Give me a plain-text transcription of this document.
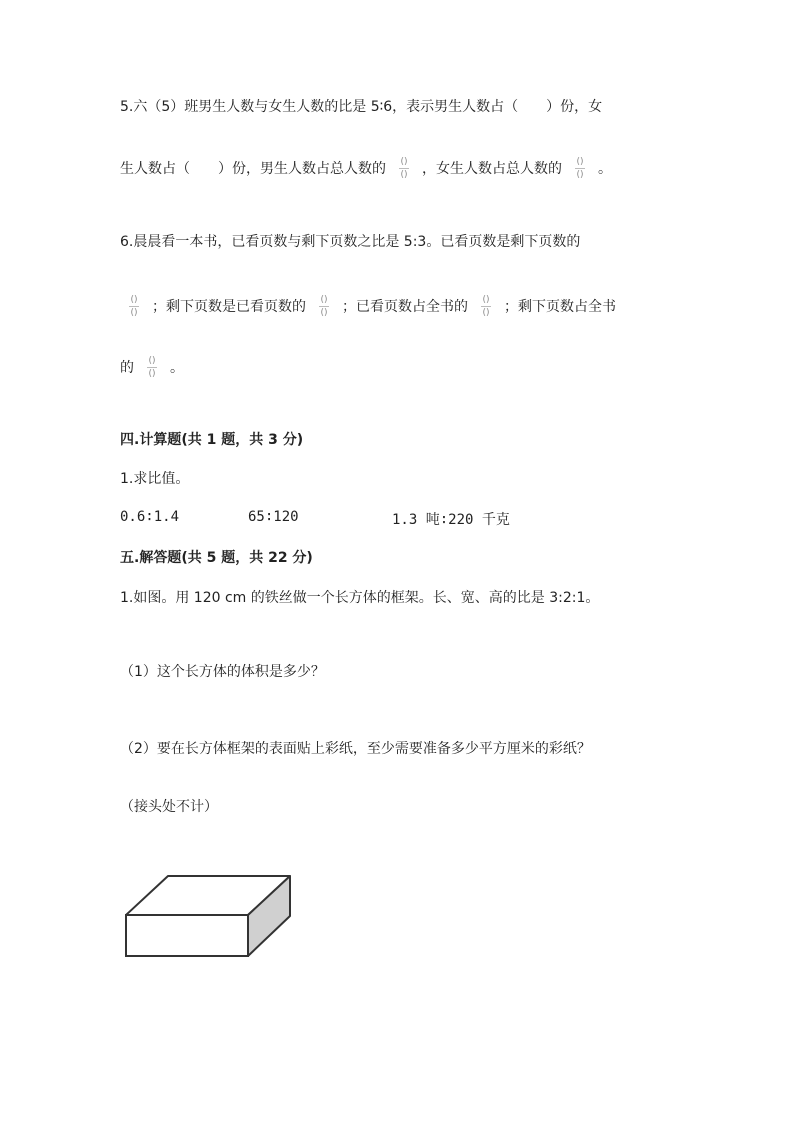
5.六（5）班男生人数与女生人数的比是 5∶6，表示男生人数占（　　）份，女
生人数占（　　）份，男生人数占总人数的 $\frac{()}{()}$ ，女生人数占总人数的 $\frac{()}{()}$ 。
6.晨晨看一本书，已看页数与剩下页数之比是 5:3。已看页数是剩下页数的
$\frac{()}{()}$ ；剩下页数是已看页数的 $\frac{()}{()}$ ；已看页数占全书的 $\frac{()}{()}$ ；剩下页数占全书
的 $\frac{()}{()}$ 。
四.计算题(共 1 题，共 3 分)
1.求比值。
0.6∶1.4	65∶120	1.3 吨∶220 千克
五.解答题(共 5 题，共 22 分)
1.如图。用 120 cm 的铁丝做一个长方体的框架。长、宽、高的比是 3:2:1。
（1）这个长方体的体积是多少？
（2）要在长方体框架的表面贴上彩纸，至少需要准备多少平方厘米的彩纸？
（接头处不计）
